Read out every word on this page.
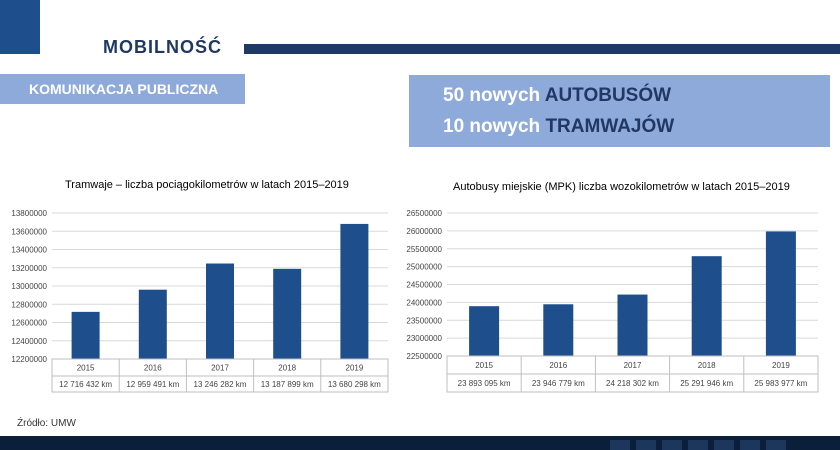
MOBILNOŚĆ
KOMUNIKACJA PUBLICZNA	50 nowych AUTOBUSÓW
10 nowych TRAMWAJÓW
Tramwaje – liczba pociągokilometrów w latach 2015–2019	Autobusy miejskie (MPK) liczba wozokilometrów w latach 2015–2019
13800000
13600000
13400000
13200000
13000000
12800000
12600000
12400000
12200000
2015
12 716 432 km
2016
12 959 491 km
2017
13 246 282 km
2018
13 187 899 km
2019
13 680 298 km
26500000
26000000
25500000
25000000
24500000
24000000
23500000
23000000
22500000
2015
23 893 095 km
2016
23 946 779 km
2017
24 218 302 km
2018
25 291 946 km
2019
25 983 977 km
Źródło: UMW
